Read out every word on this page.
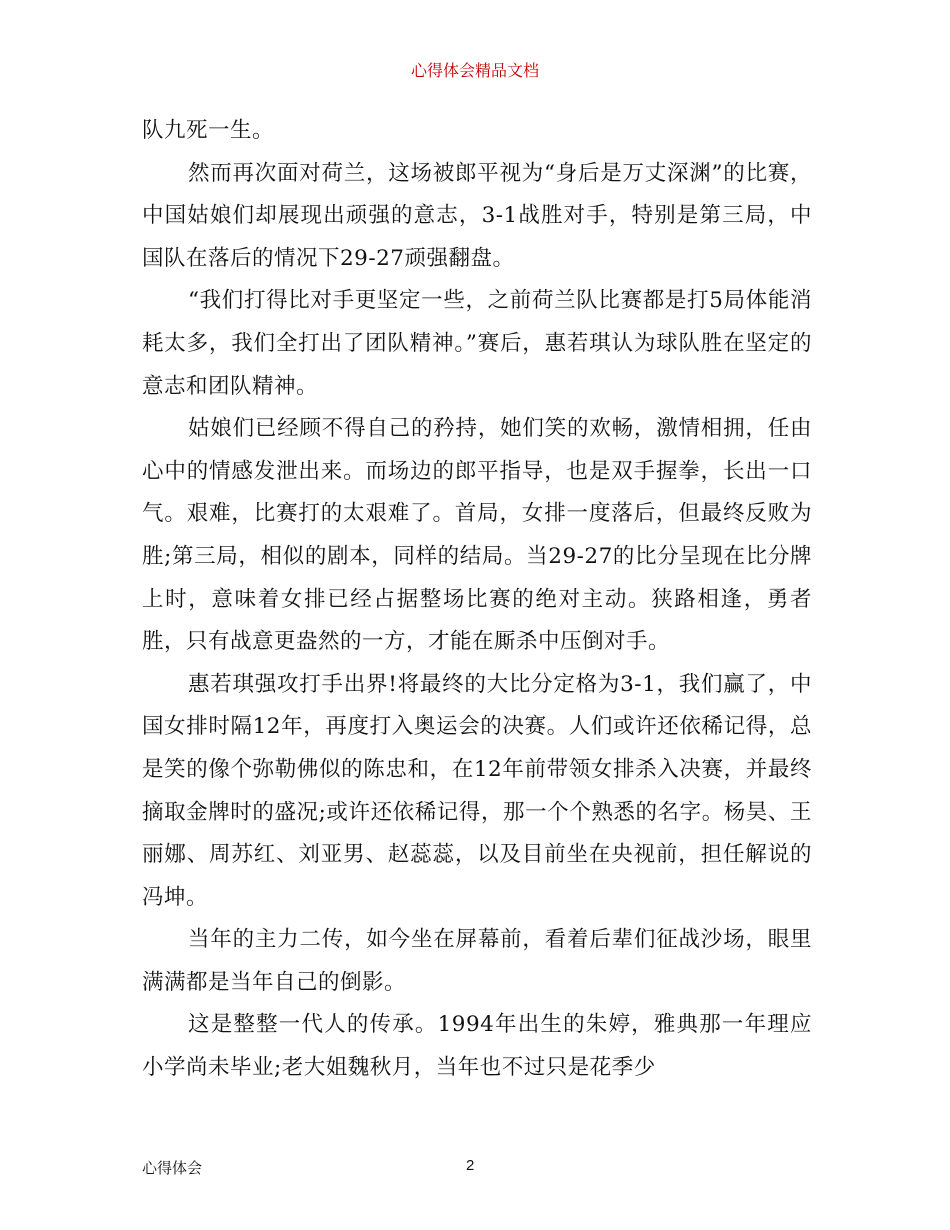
心得体会精品文档

队九死一生。

然而再次面对荷兰，这场被郎平视为“身后是万丈深渊”的比赛，中国姑娘们却展现出顽强的意志，3-1战胜对手，特别是第三局，中国队在落后的情况下29-27顽强翻盘。

“我们打得比对手更坚定一些，之前荷兰队比赛都是打5局体能消耗太多，我们全打出了团队精神。”赛后，惠若琪认为球队胜在坚定的意志和团队精神。

姑娘们已经顾不得自己的矜持，她们笑的欢畅，激情相拥，任由心中的情感发泄出来。而场边的郎平指导，也是双手握拳，长出一口气。艰难，比赛打的太艰难了。首局，女排一度落后，但最终反败为胜;第三局，相似的剧本，同样的结局。当29-27的比分呈现在比分牌上时，意味着女排已经占据整场比赛的绝对主动。狭路相逢，勇者胜，只有战意更盎然的一方，才能在厮杀中压倒对手。

惠若琪强攻打手出界!将最终的大比分定格为3-1，我们赢了，中国女排时隔12年，再度打入奥运会的决赛。人们或许还依稀记得，总是笑的像个弥勒佛似的陈忠和，在12年前带领女排杀入决赛，并最终摘取金牌时的盛况;或许还依稀记得，那一个个熟悉的名字。杨昊、王丽娜、周苏红、刘亚男、赵蕊蕊，以及目前坐在央视前，担任解说的冯坤。

当年的主力二传，如今坐在屏幕前，看着后辈们征战沙场，眼里满满都是当年自己的倒影。

这是整整一代人的传承。1994年出生的朱婷，雅典那一年理应小学尚未毕业;老大姐魏秋月，当年也不过只是花季少

心得体会	2
